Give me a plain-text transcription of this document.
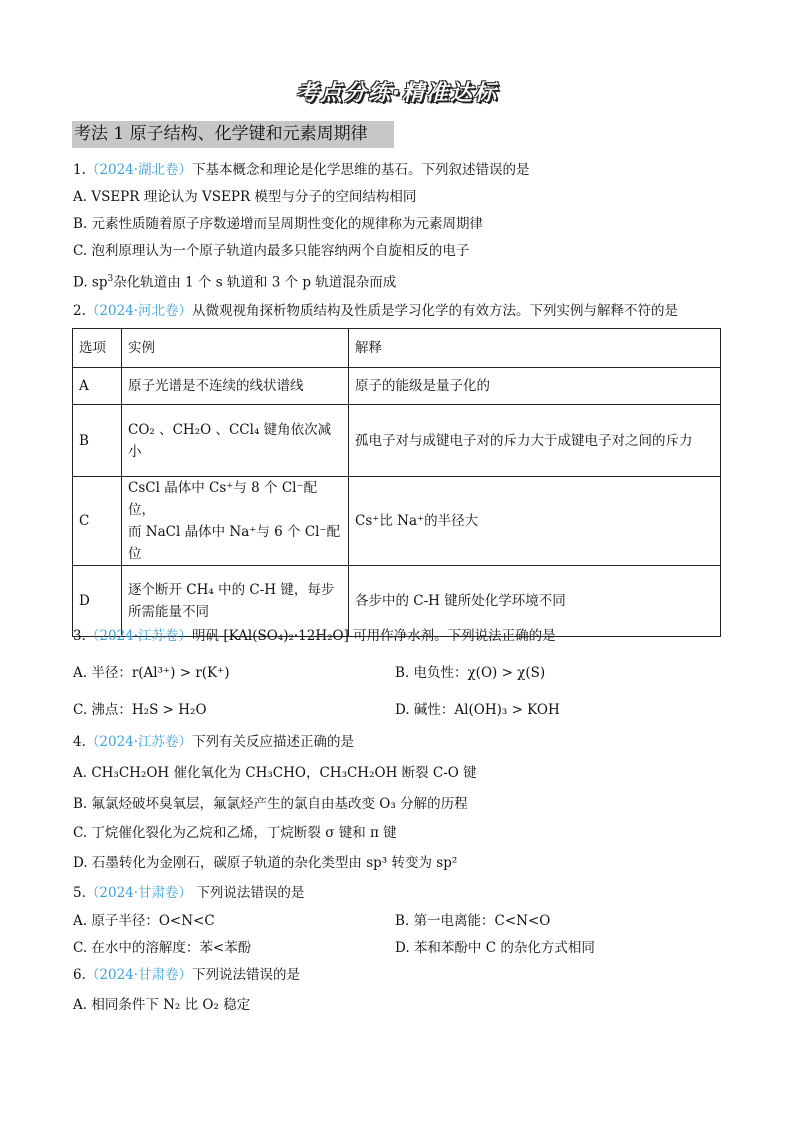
考点分练·精准达标
考法 1 原子结构、化学键和元素周期律
1.（2024·湖北卷）下基本概念和理论是化学思维的基石。下列叙述错误的是
A. VSEPR 理论认为 VSEPR 模型与分子的空间结构相同
B. 元素性质随着原子序数递增而呈周期性变化的规律称为元素周期律
C. 泡利原理认为一个原子轨道内最多只能容纳两个自旋相反的电子
D. $sp^3$杂化轨道由 1 个 s 轨道和 3 个 p 轨道混杂而成
2.（2024·河北卷）从微观视角探析物质结构及性质是学习化学的有效方法。下列实例与解释不符的是
选项	实例	解释
A	原子光谱是不连续的线状谱线	原子的能级是量子化的
B	CO₂ 、CH₂O 、CCl₄ 键角依次减小	孤电子对与成键电子对的斥力大于成键电子对之间的斥力
C	CsCl 晶体中 Cs⁺与 8 个 Cl⁻配位，
而 NaCl 晶体中 Na⁺与 6 个 Cl⁻配位	Cs⁺比 Na⁺的半径大
D	逐个断开 CH₄ 中的 C-H 键，每步
所需能量不同	各步中的 C-H 键所处化学环境不同
3.（2024·江苏卷）明矾 [KAl(SO₄)₂·12H₂O] 可用作净水剂。下列说法正确的是
A. 半径：r(Al³⁺) > r(K⁺)	B. 电负性：χ(O) > χ(S)
C. 沸点：H₂S > H₂O	D. 碱性：Al(OH)₃ > KOH
4.（2024·江苏卷）下列有关反应描述正确的是
A. CH₃CH₂OH 催化氧化为 CH₃CHO，CH₃CH₂OH 断裂 C-O 键
B. 氟氯烃破坏臭氧层，氟氯烃产生的氯自由基改变 O₃ 分解的历程
C. 丁烷催化裂化为乙烷和乙烯，丁烷断裂 σ 键和 π 键
D. 石墨转化为金刚石，碳原子轨道的杂化类型由 sp³ 转变为 sp²
5.（2024·甘肃卷） 下列说法错误的是
A. 原子半径：O<N<C	B. 第一电离能：C<N<O
C. 在水中的溶解度：苯<苯酚	D. 苯和苯酚中 C 的杂化方式相同
6.（2024·甘肃卷）下列说法错误的是
A. 相同条件下 N₂ 比 O₂ 稳定
